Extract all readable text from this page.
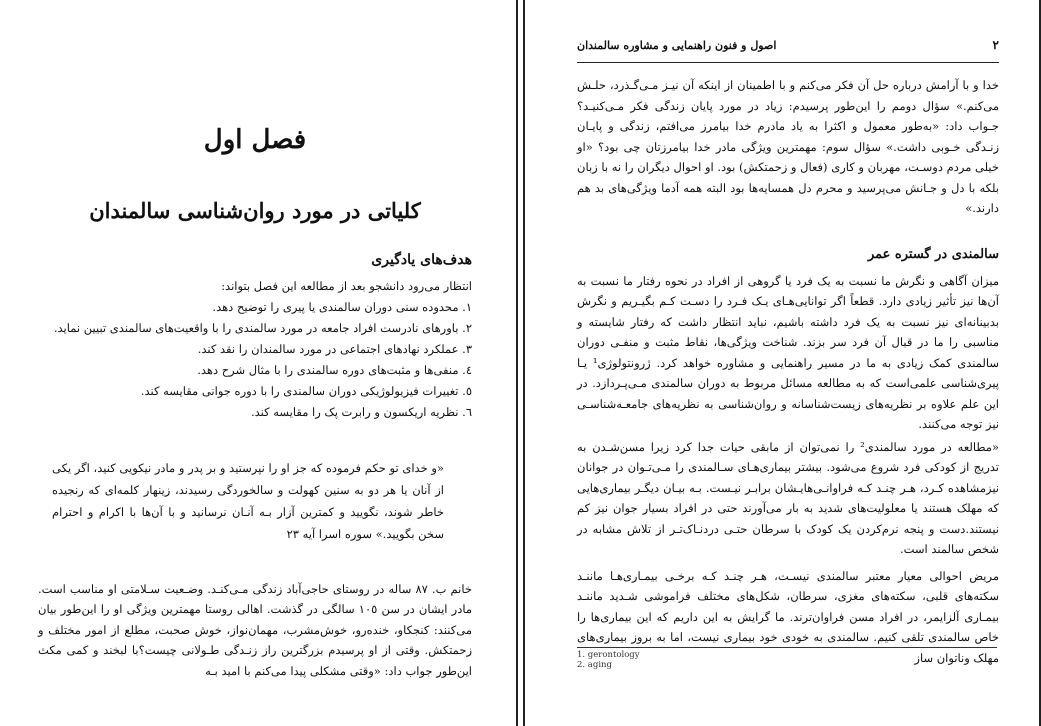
فصل اول
کلیاتی در مورد روان‌شناسی سالمندان
هدف‌های یادگیری

انتظار می‌رود دانشجو بعد از مطالعه این فصل بتواند:

۱. محدوده سنی دوران سالمندی یا پیری را توضیح دهد.
۲. باورهای نادرست افراد جامعه در مورد سالمندی را با واقعیت‌های سالمندی تبیین نماید.
۳. عملکرد نهادهای اجتماعی در مورد سالمندان را نقد کند.
٤. منفی‌ها و مثبت‌های دوره سالمندی را با مثال شرح دهد.
٥. تغییرات فیزیولوژیکی دوران سالمندی را با دوره جوانی مقایسه کند.
٦. نظریه اریکسون و رابرت پک را مقایسه کند.
«و خدای تو حکم فرموده که جز او را نپرستید و بر پدر و مادر نیکویی کنید، اگر یکی از آنان یا هر دو به سنین کهولت و سالخوردگی رسیدند، زینهار کلمه‌ای که رنجیده خاطر شوند، نگویید و کمترین آزار بـه آنـان نرسانید و با آن‌ها با اکرام و احترام سخن بگویید.» سوره اسرا آیه ٢٣

خانم ب. ٨٧ ساله در روستای حاجی‌آباد زندگی مـی‌کنـد. وضـعیت سـلامتی او مناسب است. مادر ایشان در سن ١٠٥ سالگی در گذشت. اهالی روستا مهمترین ویژگی او را این‌طور بیان می‌کنند: کنجکاو، خنده‌رو، خوش‌مشرب، مهمان‌نواز، خوش صحبت، مطلع از امور مختلف و زحمتکش. وقتی از او پرسیدم بزرگترین راز زنـدگی طـولانی چیست؟با لبخند و کمی مکث این‌طور جواب داد: «وقتی مشکلی پیدا می‌کنم با امید بـه

٢
اصول و فنون راهنمایی و مشاوره سالمندان

خدا و با آرامش درباره حل آن فکر می‌کنم و با اطمینان از اینکه آن نیـز مـی‌گـذرد، حلـش می‌کنم.» سؤال دومم را این‌طور پرسیدم: زیاد در مورد پایان زندگی فکر مـی‌کنیـد؟ جـواب داد: «به‌طور معمول و اکثرا به یاد مادرم خدا بیامرز می‌افتم، زندگی و پایـان زنـدگی خـوبی داشت.» سؤال سوم: مهمترین ویژگی مادر خدا بیامرزتان چی بود؟ «او خیلی مردم دوسـت، مهربان و کاری (فعال و زحمتکش) بود. او احوال دیگران را نه با زبان بلکه با دل و جـانش می‌پرسید و محرم دل همسایه‌ها بود البته همه آدما ویژگی‌های بد هم دارند.»

سالمندی در گستره عمر

میزان آگاهی و نگرش ما نسبت به یک فرد یا گروهی از افراد در نحوه رفتار ما نسبت به آن‌ها نیز تأثیر زیادی دارد. قطعاً اگر توانایی‌هـای یـک فـرد را دسـت کـم بگیـریم و نگرش بدبینانه‌ای نیز نسبت به یک فرد داشته باشیم، نباید انتظار داشت که رفتار شایسته و مناسبی را ما در قبال آن فرد سر بزند. شناخت ویژگی‌ها، نقاط مثبت و منفـی دوران سالمندی کمک زیادی به ما در مسیر راهنمایی و مشاوره خواهد کرد. ژرونتولوژی¹ یـا پیری‌شناسی علمی‌است که به مطالعه مسائل مربوط به دوران سالمندی مـی‌پـردازد. در این علم علاوه بر نظریه‌های زیست‌شناسانه و روان‌شناسی به نظریه‌های جامعـه‌شناسـی نیز توجه می‌کنند.

«مطالعه در مورد سالمندی² را نمی‌توان از مابقی حیات جدا کرد زیرا مسن‌شـدن به تدریج از کودکی فرد شروع می‌شود. بیشتر بیماری‌هـای سـالمندی را مـی‌تـوان در جوانان نیزمشاهده کـرد، هـر چنـد کـه فراوانـی‌هایـشان برابـر نیـست. بـه بیـان دیگـر بیماری‌هایی که مهلک هستند یا معلولیت‌های شدید به بار می‌آورند حتی در افراد بسیار جوان نیز کم نیستند.دست و پنجه نرم‌کردن یک کودک با سرطان حتـی دردنـاک‌تـر از تلاش مشابه در شخص سالمند است.

مریض احوالی معیار معتبر سالمندی نیسـت، هـر چنـد کـه برخـی بیمـاری‌هـا ماننـد سکته‌های قلبی، سکته‌های مغزی، سرطان، شکل‌های مختلف فراموشی شـدید ماننـد بیمـاری آلزایمر، در افراد مسن فراوان‌ترند. ما گرایش به این داریم که این بیماری‌ها را خاص سالمندی تلقی کنیم. سالمندی به خودی خود بیماری نیست، اما به بروز بیماری‌های مهلک وناتوان ساز

1. gerontology
2. aging
